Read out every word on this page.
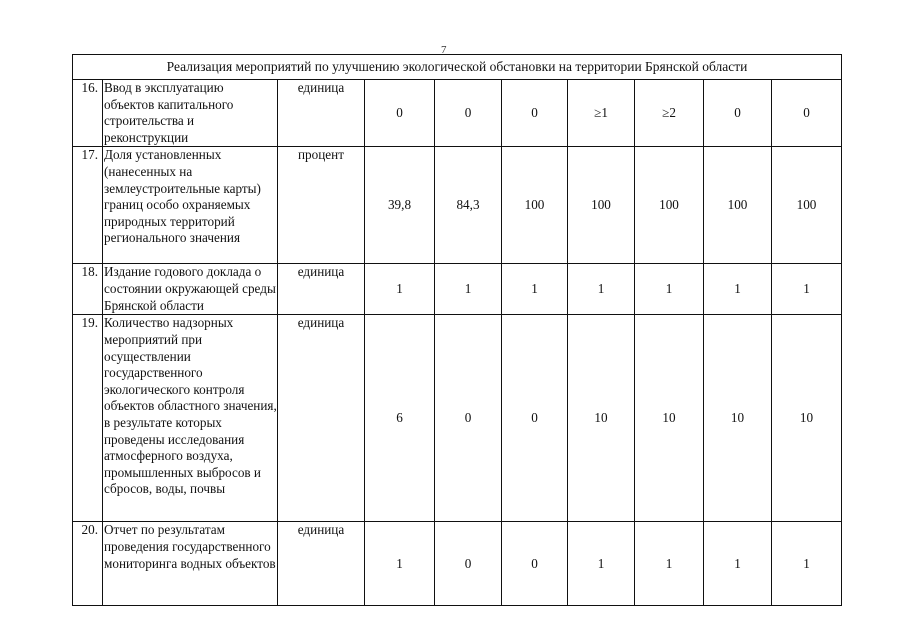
7
Реализация мероприятий по улучшению экологической обстановки на территории Брянской области									
16.	Ввод в эксплуатацию объектов капитального строительства и реконструкции	единица	0	0	0	≥1	≥2	0	0
17.	Доля установленных (нанесенных на землеустроительные карты) границ особо охраняемых природных территорий регионального значения	процент	39,8	84,3	100	100	100	100	100
18.	Издание годового доклада о состоянии окружающей среды Брянской области	единица	1	1	1	1	1	1	1
19.	Количество надзорных мероприятий при осуществлении государственного экологического контроля объектов областного значения, в результате которых проведены исследования атмосферного воздуха, промышленных выбросов и сбросов, воды, почвы	единица	6	0	0	10	10	10	10
20.	Отчет по результатам проведения государственного мониторинга водных объектов	единица	1	0	0	1	1	1	1
